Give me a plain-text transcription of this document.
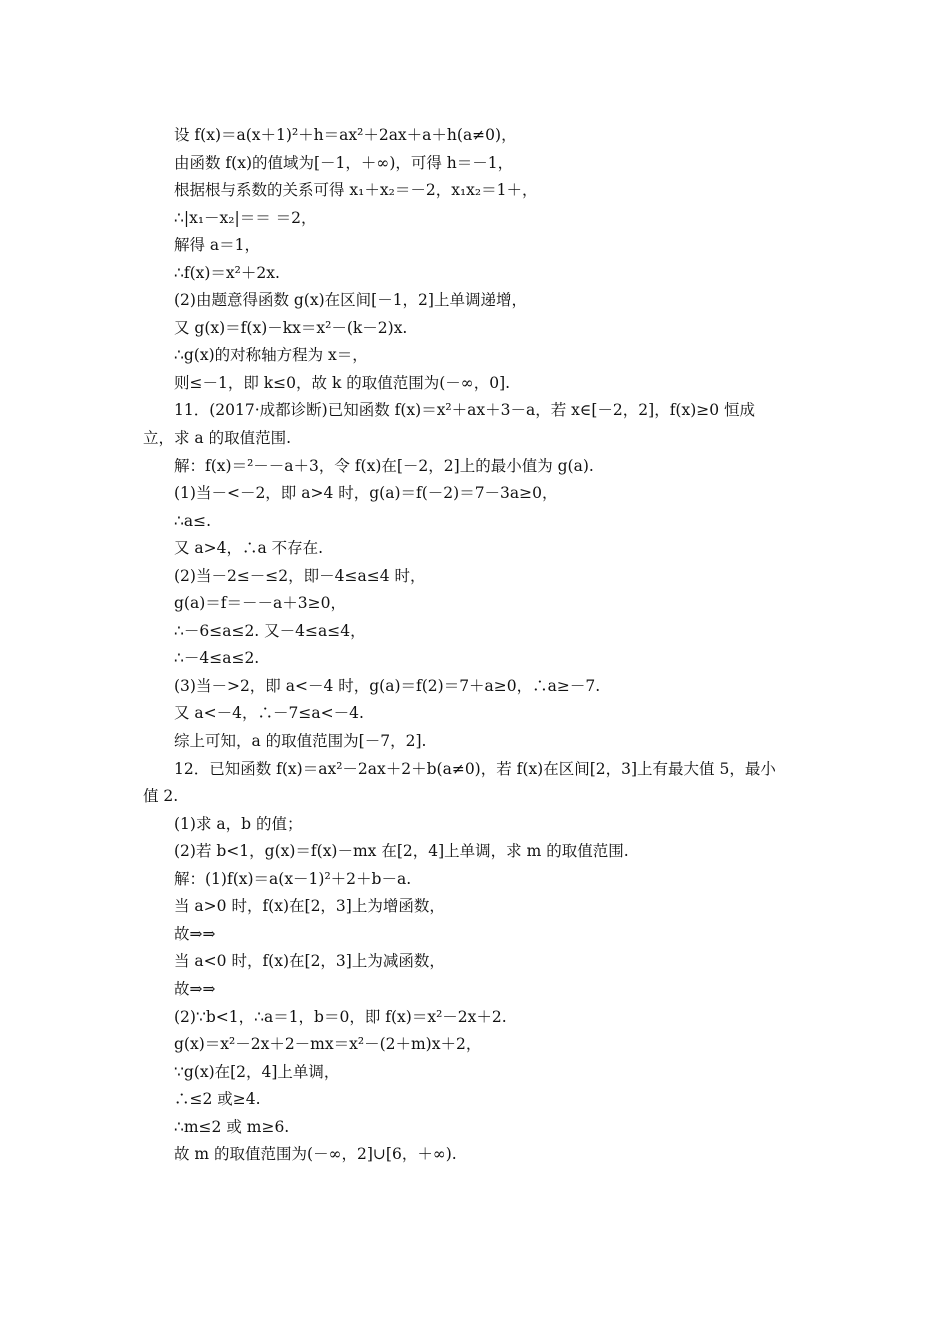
设 f(x)＝a(x＋1)²＋h＝ax²＋2ax＋a＋h(a≠0)，
由函数 f(x)的值域为[－1，＋∞)，可得 h＝－1，
根据根与系数的关系可得 x₁＋x₂＝－2，x₁x₂＝1＋，
∴|x₁－x₂|＝＝ ＝2，
解得 a＝1，
∴f(x)＝x²＋2x.
(2)由题意得函数 g(x)在区间[－1，2]上单调递增，
又 g(x)＝f(x)－kx＝x²－(k－2)x.
∴g(x)的对称轴方程为 x＝，
则≤－1，即 k≤0，故 k 的取值范围为(－∞，0].
11．(2017·成都诊断)已知函数 f(x)＝x²＋ax＋3－a，若 x∈[－2，2]，f(x)≥0 恒成
立，求 a 的取值范围.
解：f(x)＝²－－a＋3，令 f(x)在[－2，2]上的最小值为 g(a).
(1)当－<－2，即 a>4 时，g(a)＝f(－2)＝7－3a≥0，
∴a≤.
又 a>4，∴a 不存在.
(2)当－2≤－≤2，即－4≤a≤4 时，
g(a)＝f＝－－a＋3≥0，
∴－6≤a≤2. 又－4≤a≤4，
∴－4≤a≤2.
(3)当－>2，即 a<－4 时，g(a)＝f(2)＝7＋a≥0，∴a≥－7.
又 a<－4，∴－7≤a<－4.
综上可知，a 的取值范围为[－7，2].
12．已知函数 f(x)＝ax²－2ax＋2＋b(a≠0)，若 f(x)在区间[2，3]上有最大值 5，最小
值 2.
(1)求 a，b 的值；
(2)若 b<1，g(x)＝f(x)－mx 在[2，4]上单调，求 m 的取值范围.
解：(1)f(x)＝a(x－1)²＋2＋b－a.
当 a>0 时，f(x)在[2，3]上为增函数，
故⇒⇒
当 a<0 时，f(x)在[2，3]上为减函数，
故⇒⇒
(2)∵b<1，∴a＝1，b＝0，即 f(x)＝x²－2x＋2.
g(x)＝x²－2x＋2－mx＝x²－(2＋m)x＋2，
∵g(x)在[2，4]上单调，
∴≤2 或≥4.
∴m≤2 或 m≥6.
故 m 的取值范围为(－∞，2]∪[6，＋∞).
